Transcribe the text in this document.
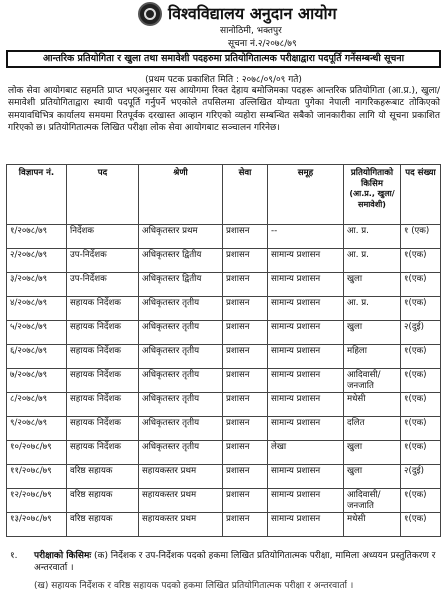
विश्वविद्यालय अनुदान आयोग
सानोठिमी, भक्तपुर
सूचना नं.२/२०७८/७९
आन्तरिक प्रतियोगिता र खुला तथा समावेशी पदहरुमा प्रतियोगितात्मक परीक्षाद्वारा पदपूर्ति गर्नेसम्बन्धी सूचना
(प्रथम पटक प्रकाशित मिति : २०७८/०९/०९ गते)
लोक सेवा आयोगबाट सहमति प्राप्त भएअनुसार यस आयोगमा रिक्त देहाय बमोजिमका पदहरू आन्तरिक प्रतियोगिता (आ.प्र.), खुला/समावेशी प्रतियोगिताद्वारा स्थायी पदपूर्ति गर्नुपर्ने भएकोले तपसिलमा उल्लिखित योग्यता पुगेका नेपाली नागरिकहरूबाट तोकिएको समयावधिभित्र कार्यालय समयमा रितपूर्वक दरखास्त आव्हान गरिएको व्यहोरा सम्बन्धित सबैको जानकारीका लागि यो सूचना प्रकाशित गरिएको छ। प्रतियोगितात्मक लिखित परीक्षा लोक सेवा आयोगबाट सञ्चालन गरिनेछ।
विज्ञापन नं.	पद	श्रेणी	सेवा	समूह	प्रतियोगिताको किसिम
(आ.प्र., खुला/ समावेशी)	पद संख्या
१/२०७८/७९	निर्देशक	अधिकृतस्तर प्रथम	प्रशासन	--	आ. प्र.	१ (एक)
२/२०७८/७९	उप-निर्देशक	अधिकृतस्तर द्वितीय	प्रशासन	सामान्य प्रशासन	आ. प्र.	१(एक)
३/२०७८/७९	उप-निर्देशक	अधिकृतस्तर द्वितीय	प्रशासन	सामान्य प्रशासन	खुला	१(एक)
४/२०७८/७९	सहायक निर्देशक	अधिकृतस्तर तृतीय	प्रशासन	सामान्य प्रशासन	आ. प्र.	१(एक)
५/२०७८/७९	सहायक निर्देशक	अधिकृतस्तर तृतीय	प्रशासन	सामान्य प्रशासन	खुला	२(दुई)
६/२०७८/७९	सहायक निर्देशक	अधिकृतस्तर तृतीय	प्रशासन	सामान्य प्रशासन	महिला	१(एक)
७/२०७८/७९	सहायक निर्देशक	अधिकृतस्तर तृतीय	प्रशासन	सामान्य प्रशासन	आदिवासी/ जनजाति	१(एक)
८/२०७८/७९	सहायक निर्देशक	अधिकृतस्तर तृतीय	प्रशासन	सामान्य प्रशासन	मधेसी	१(एक)
९/२०७८/७९	सहायक निर्देशक	अधिकृतस्तर तृतीय	प्रशासन	सामान्य प्रशासन	दलित	१(एक)
१०/२०७८/७९	सहायक निर्देशक	अधिकृतस्तर तृतीय	प्रशासन	लेखा	खुला	१(एक)
११/२०७८/७९	वरिष्ठ सहायक	सहायकस्तर प्रथम	प्रशासन	सामान्य प्रशासन	खुला	२(दुई)
१२/२०७८/७९	वरिष्ठ सहायक	सहायकस्तर प्रथम	प्रशासन	सामान्य प्रशासन	आदिवासी/ जनजाति	१(एक)
१३/२०७८/७९	वरिष्ठ सहायक	सहायकस्तर प्रथम	प्रशासन	सामान्य प्रशासन	मधेसी	१(एक)
१. परीक्षाको किसिमः (क) निर्देशक र उप-निर्देशक पदको हकमा लिखित प्रतियोगितात्मक परीक्षा, मामिला अध्ययन प्रस्तुतिकरण र अन्तरवार्ता ।
(ख) सहायक निर्देशक र वरिष्ठ सहायक पदको हकमा लिखित प्रतियोगितात्मक परीक्षा र अन्तरवार्ता ।
